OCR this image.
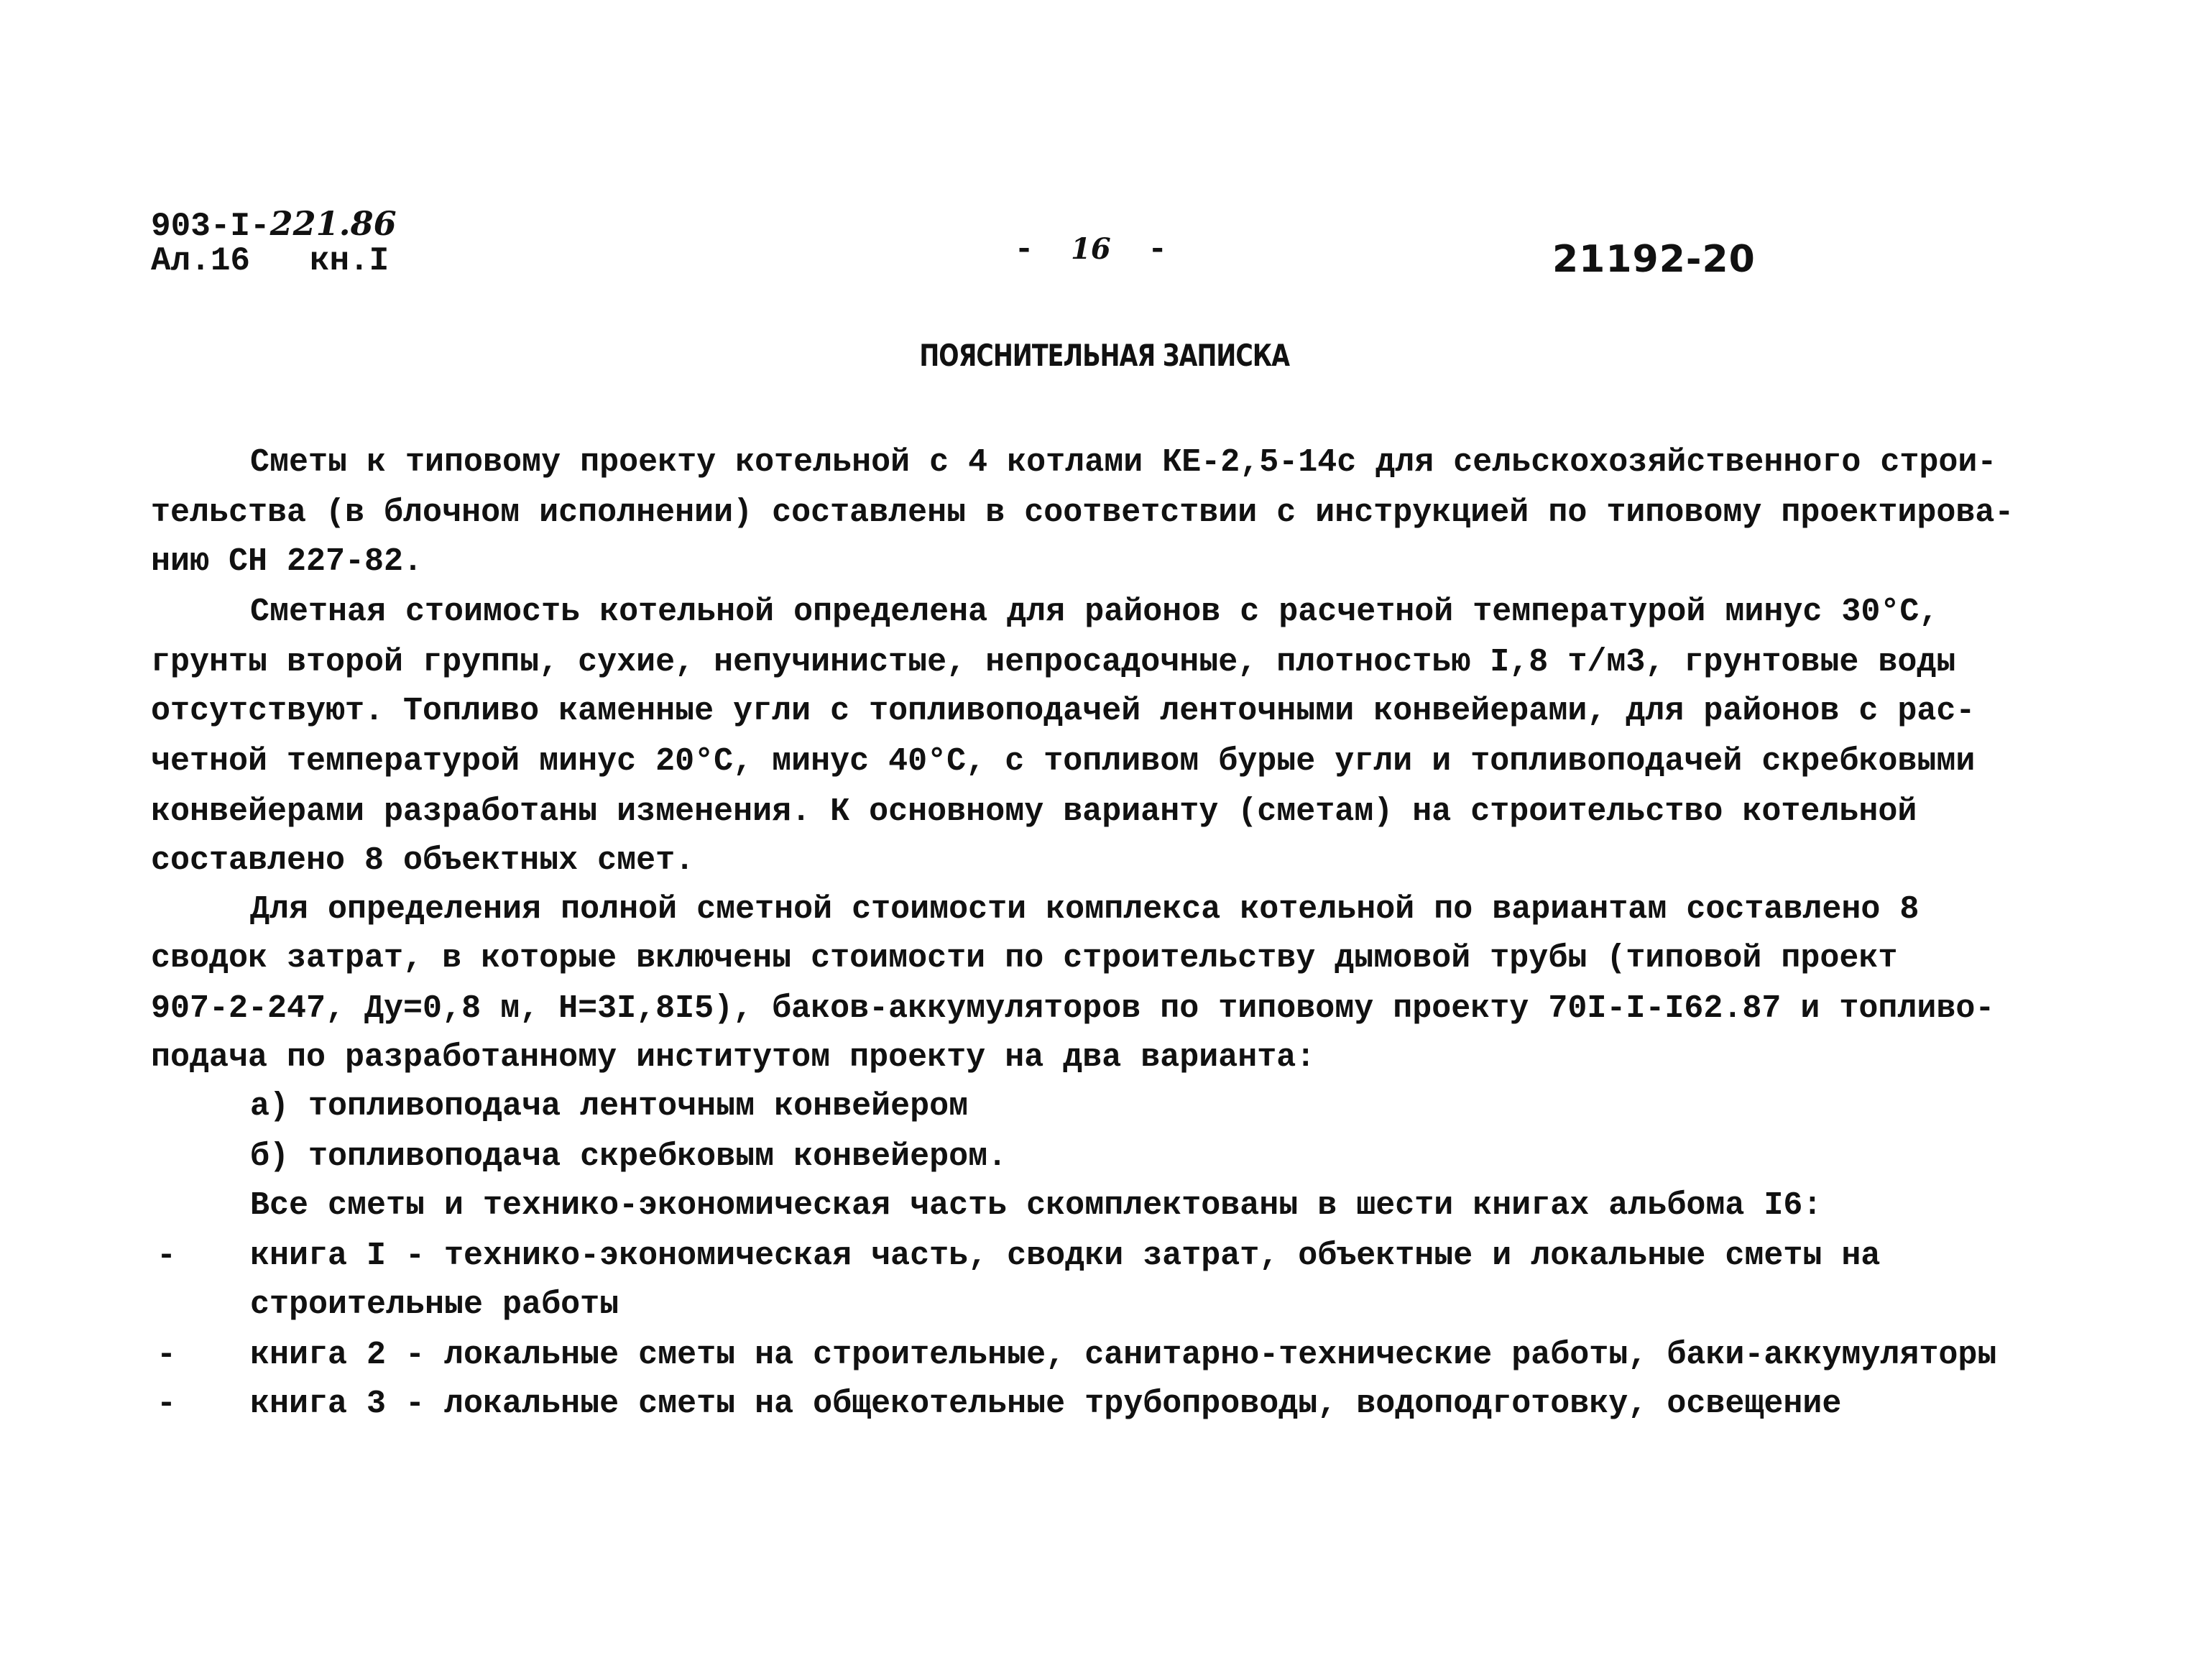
903-I-221.86
Ал.16   кн.I	- 16 -	21192-20
ПОЯСНИТЕЛЬНАЯ ЗАПИСКА
Сметы к типовому проекту котельной с 4 котлами КЕ-2,5-14с для сельскохозяйственного строи-
тельства (в блочном исполнении) составлены в соответствии с инструкцией по типовому проектирова-
нию СН 227-82.
Сметная стоимость котельной определена для районов с расчетной температурой минус 30°С,
грунты второй группы, сухие, непучинистые, непросадочные, плотностью I,8 т/м3, грунтовые воды
отсутствуют. Топливо каменные угли с топливоподачей ленточными конвейерами, для районов с рас-
четной температурой минус 20°С, минус 40°С, с топливом бурые угли и топливоподачей скребковыми
конвейерами разработаны изменения. К основному варианту (сметам) на строительство котельной
составлено 8 объектных смет.
Для определения полной сметной стоимости комплекса котельной по вариантам составлено 8
сводок затрат, в которые включены стоимости по строительству дымовой трубы (типовой проект
907-2-247, Ду=0,8 м, Н=3I,8I5), баков-аккумуляторов по типовому проекту 70I-I-I62.87 и топливо-
подача по разработанному институтом проекту на два варианта:
а) топливоподача ленточным конвейером
б) топливоподача скребковым конвейером.
Все сметы и технико-экономическая часть скомплектованы в шести книгах альбома I6:
- книга I - технико-экономическая часть, сводки затрат, объектные и локальные сметы на
строительные работы
- книга 2 - локальные сметы на строительные, санитарно-технические работы, баки-аккумуляторы
- книга 3 - локальные сметы на общекотельные трубопроводы, водоподготовку, освещение
